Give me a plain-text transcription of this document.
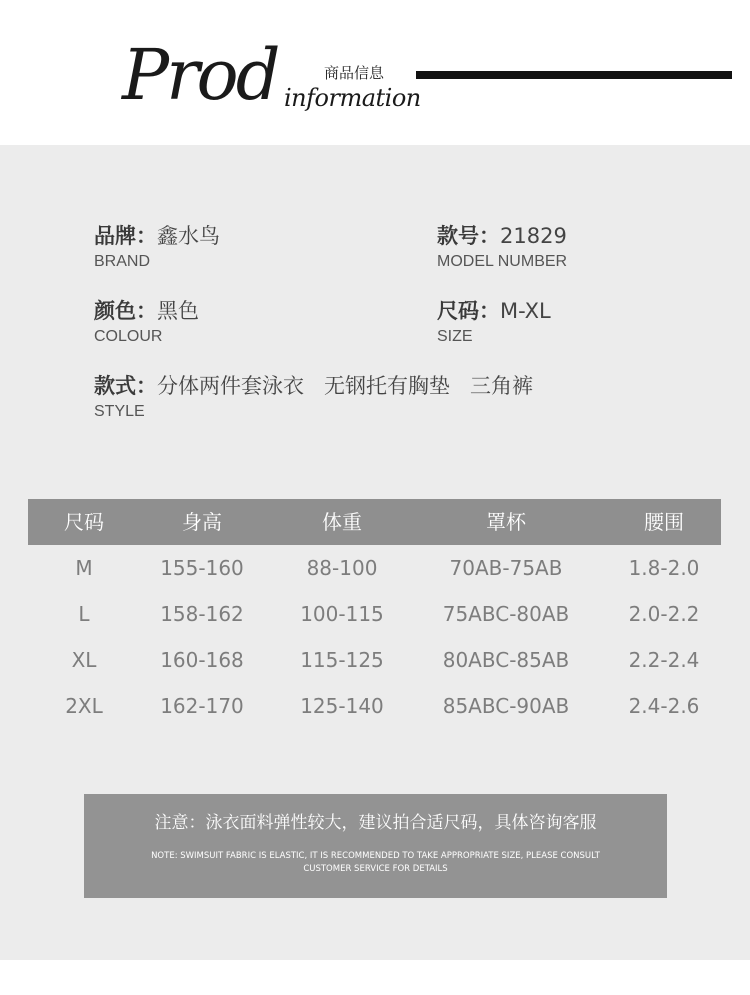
Prod	商品信息
information
品牌：鑫水鸟
BRAND
款号：21829
MODEL NUMBER
颜色：黑色
COLOUR
尺码：M-XL
SIZE
款式：分体两件套泳衣   无钢托有胸垫   三角裤
STYLE
尺码	身高	体重	罩杯	腰围
M	155-160	88-100	70AB-75AB	1.8-2.0
L	158-162	100-115	75ABC-80AB	2.0-2.2
XL	160-168	115-125	80ABC-85AB	2.2-2.4
2XL	162-170	125-140	85ABC-90AB	2.4-2.6
注意：泳衣面料弹性较大，建议拍合适尺码，具体咨询客服
NOTE: SWIMSUIT FABRIC IS ELASTIC, IT IS RECOMMENDED TO TAKE APPROPRIATE SIZE, PLEASE CONSULT
CUSTOMER SERVICE FOR DETAILS
